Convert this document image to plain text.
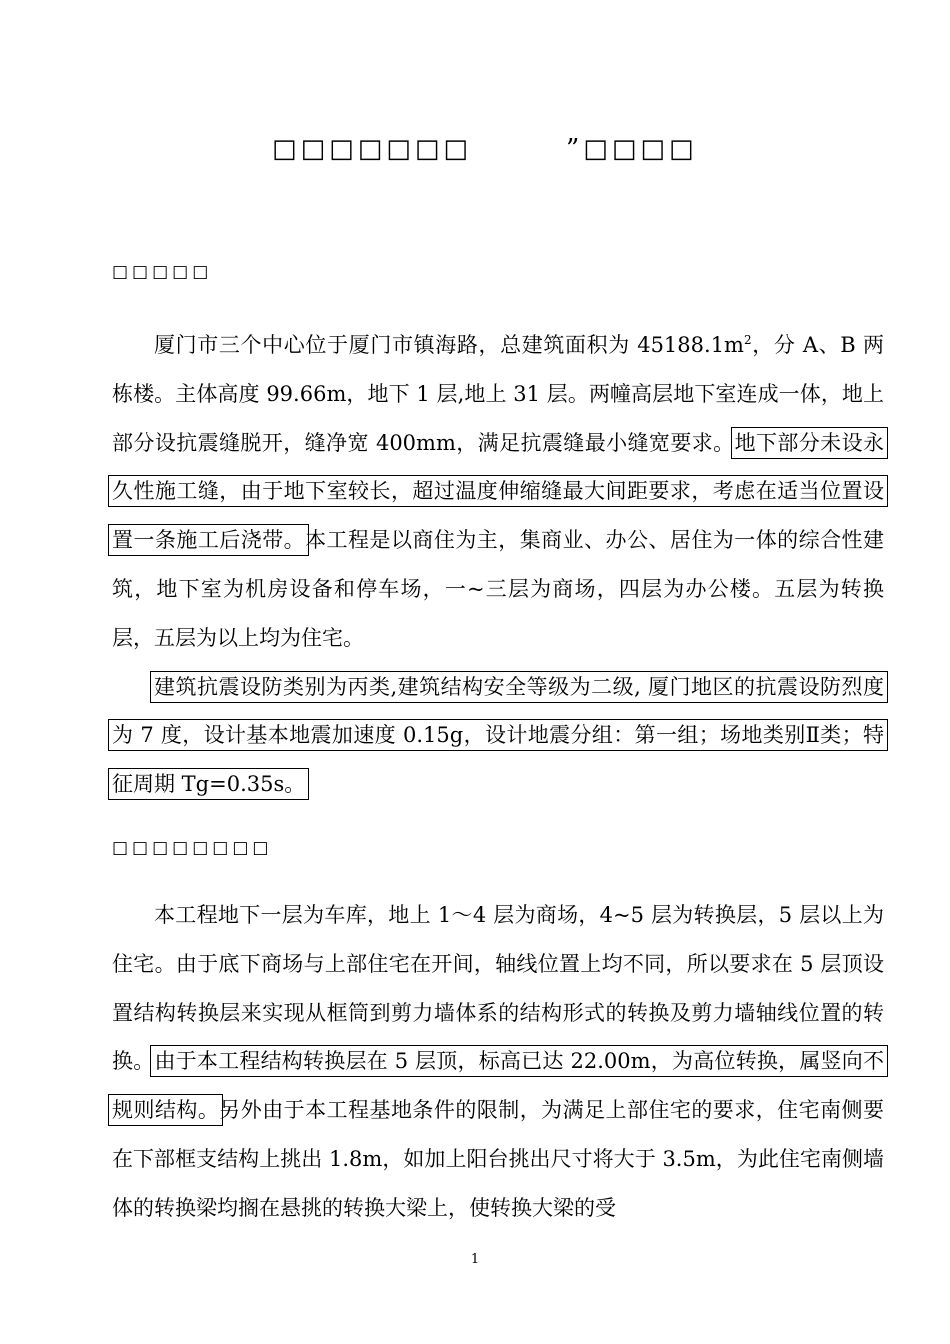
□□□□□□□	”□□□□
□□□□□

厦门市三个中心位于厦门市镇海路，总建筑面积为 $45188.1m^2$，分 A、B 两栋楼。主体高度 99.66m，地下 1 层,地上 31 层。两幢高层地下室连成一体，地上部分设抗震缝脱开，缝净宽 400mm，满足抗震缝最小缝宽要求。地下部分未设永久性施工缝，由于地下室较长，超过温度伸缩缝最大间距要求，考虑在适当位置设置一条施工后浇带。本工程是以商住为主，集商业、办公、居住为一体的综合性建筑，地下室为机房设备和停车场，一~三层为商场，四层为办公楼。五层为转换层，五层为以上均为住宅。

建筑抗震设防类别为丙类,建筑结构安全等级为二级, 厦门地区的抗震设防烈度为 7 度，设计基本地震加速度 0.15g，设计地震分组：第一组；场地类别Ⅱ类；特征周期 Tg=0.35s。

□□□□□□□□

本工程地下一层为车库，地上 1～4 层为商场，4~5 层为转换层，5 层以上为住宅。由于底下商场与上部住宅在开间，轴线位置上均不同，所以要求在 5 层顶设置结构转换层来实现从框筒到剪力墙体系的结构形式的转换及剪力墙轴线位置的转换。由于本工程结构转换层在 5 层顶，标高已达 22.00m，为高位转换，属竖向不规则结构。另外由于本工程基地条件的限制，为满足上部住宅的要求，住宅南侧要在下部框支结构上挑出 1.8m，如加上阳台挑出尺寸将大于 3.5m，为此住宅南侧墙体的转换梁均搁在悬挑的转换大梁上，使转换大梁的受

1
